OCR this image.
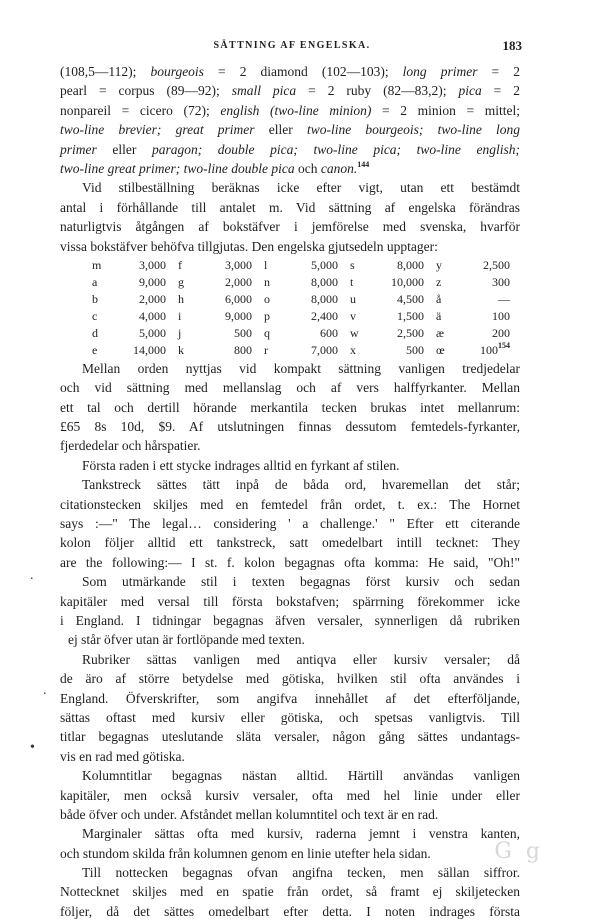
SÄTTNING AF ENGELSKA.	183
(108,5—112); bourgeois = 2 diamond (102—103); long primer = 2
pearl = corpus (89—92); small pica = 2 ruby (82—83,2); pica = 2
nonpareil = cicero (72); english (two-line minion) = 2 minion = mittel;
two-line brevier; great primer eller two-line bourgeois; two-line long
primer eller paragon; double pica; two-line pica; two-line english;
two-line great primer; two-line double pica och canon.$^{144}$
Vid stilbeställning beräknas icke efter vigt, utan ett bestämdt
antal i förhållande till antalet m. Vid sättning af engelska förändras
naturligtvis åtgången af bokstäfver i jemförelse med svenska, hvarför
vissa bokstäfver behöfva tillgjutas. Den engelska gjutsedeln upptager:
m	3,000	f	3,000	l	5,000	s	8,000	y	2,500
a	9,000	g	2,000	n	8,000	t	10,000	z	300
b	2,000	h	6,000	o	8,000	u	4,500	å	—
c	4,000	i	9,000	p	2,400	v	1,500	ä	100
d	5,000	j	500	q	600	w	2,500	æ	200
e	14,000	k	800	r	7,000	x	500	œ	$100^{154}$
Mellan orden nyttjas vid kompakt sättning vanligen tredjedelar
och vid sättning med mellanslag och af vers halffyrkanter. Mellan
ett tal och dertill hörande merkantila tecken brukas intet mellanrum:
£65 8s 10d, $9. Af utslutningen finnas dessutom femtedels-fyrkanter,
fjerdedelar och hårspatier.
Första raden i ett stycke indrages alltid en fyrkant af stilen.
Tankstreck sättes tätt inpå de båda ord, hvaremellan det står;
citationstecken skiljes med en femtedel från ordet, t. ex.: The Hornet
says :—" The legal… considering ' a challenge.' " Efter ett citerande
kolon följer alltid ett tankstreck, satt omedelbart intill tecknet: They
are the following:— I st. f. kolon begagnas ofta komma: He said, "Oh!"
Som utmärkande stil i texten begagnas först kursiv och sedan
kapitäler med versal till första bokstafven; spärrning förekommer icke
i England. I tidningar begagnas äfven versaler, synnerligen då rubriken
ej står öfver utan är fortlöpande med texten.
Rubriker sättas vanligen med antiqva eller kursiv versaler; då
de äro af större betydelse med götiska, hvilken stil ofta användes i
England. Öfverskrifter, som angifva innehållet af det efterföljande,
sättas oftast med kursiv eller götiska, och spetsas vanligtvis. Till
titlar begagnas uteslutande släta versaler, någon gång sättes undantags-
vis en rad med götiska.
Kolumntitlar begagnas nästan alltid. Härtill användas vanligen
kapitäler, men också kursiv versaler, ofta med hel linie under eller
både öfver och under. Afståndet mellan kolumntitel och text är en rad.
Marginaler sättas ofta med kursiv, raderna jemnt i venstra kanten,
och stundom skilda från kolumnen genom en linie utefter hela sidan.
Till nottecken begagnas ofvan angifna tecken, men sällan siffror.
Nottecknet skiljes med en spatie från ordet, så framt ej skiljetecken
följer, då det sättes omedelbart efter detta. I noten indrages första
.
.
•
G  g
